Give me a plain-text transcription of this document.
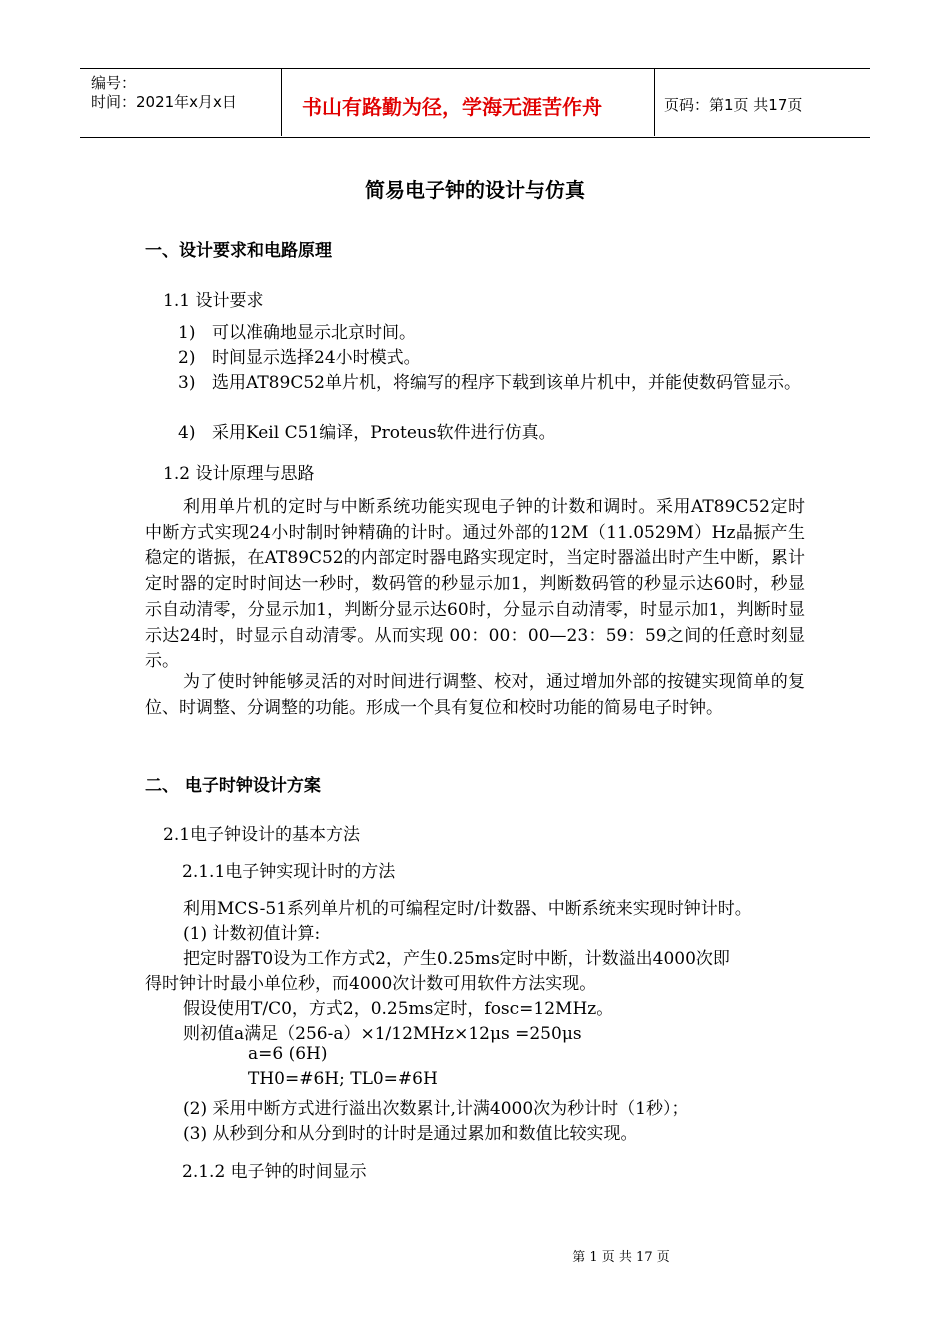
编号：
时间：2021年x月x日	书山有路勤为径，学海无涯苦作舟	页码：第1页 共17页
简易电子钟的设计与仿真
一、设计要求和电路原理
1.1 设计要求
1) 可以准确地显示北京时间。
2) 时间显示选择24小时模式。
3) 选用AT89C52单片机，将编写的程序下载到该单片机中，并能使数码管显示。
4) 采用Keil C51编译，Proteus软件进行仿真。
1.2 设计原理与思路

利用单片机的定时与中断系统功能实现电子钟的计数和调时。采用AT89C52定时中断方式实现24小时制时钟精确的计时。通过外部的12M（11.0529M）Hz晶振产生稳定的谐振，在AT89C52的内部定时器电路实现定时，当定时器溢出时产生中断，累计定时器的定时时间达一秒时，数码管的秒显示加1，判断数码管的秒显示达60时，秒显示自动清零，分显示加1，判断分显示达60时，分显示自动清零，时显示加1，判断时显示达24时，时显示自动清零。从而实现 00：00：00—23：59：59之间的任意时刻显示。

为了使时钟能够灵活的对时间进行调整、校对，通过增加外部的按键实现简单的复位、时调整、分调整的功能。形成一个具有复位和校时功能的简易电子时钟。

二、 电子时钟设计方案
2.1电子钟设计的基本方法
2.1.1电子钟实现计时的方法
利用MCS-51系列单片机的可编程定时/计数器、中断系统来实现时钟计时。
(1) 计数初值计算:
把定时器T0设为工作方式2，产生0.25ms定时中断，计数溢出4000次即
得时钟计时最小单位秒，而4000次计数可用软件方法实现。
假设使用T/C0，方式2，0.25ms定时，fosc=12MHz。
则初值a满足（256-a）×1/12MHz×12μs =250μs
a=6 (6H)
TH0=#6H; TL0=#6H
(2) 采用中断方式进行溢出次数累计,计满4000次为秒计时（1秒）；
(3) 从秒到分和从分到时的计时是通过累加和数值比较实现。
2.1.2 电子钟的时间显示
第 1 页 共 17 页
